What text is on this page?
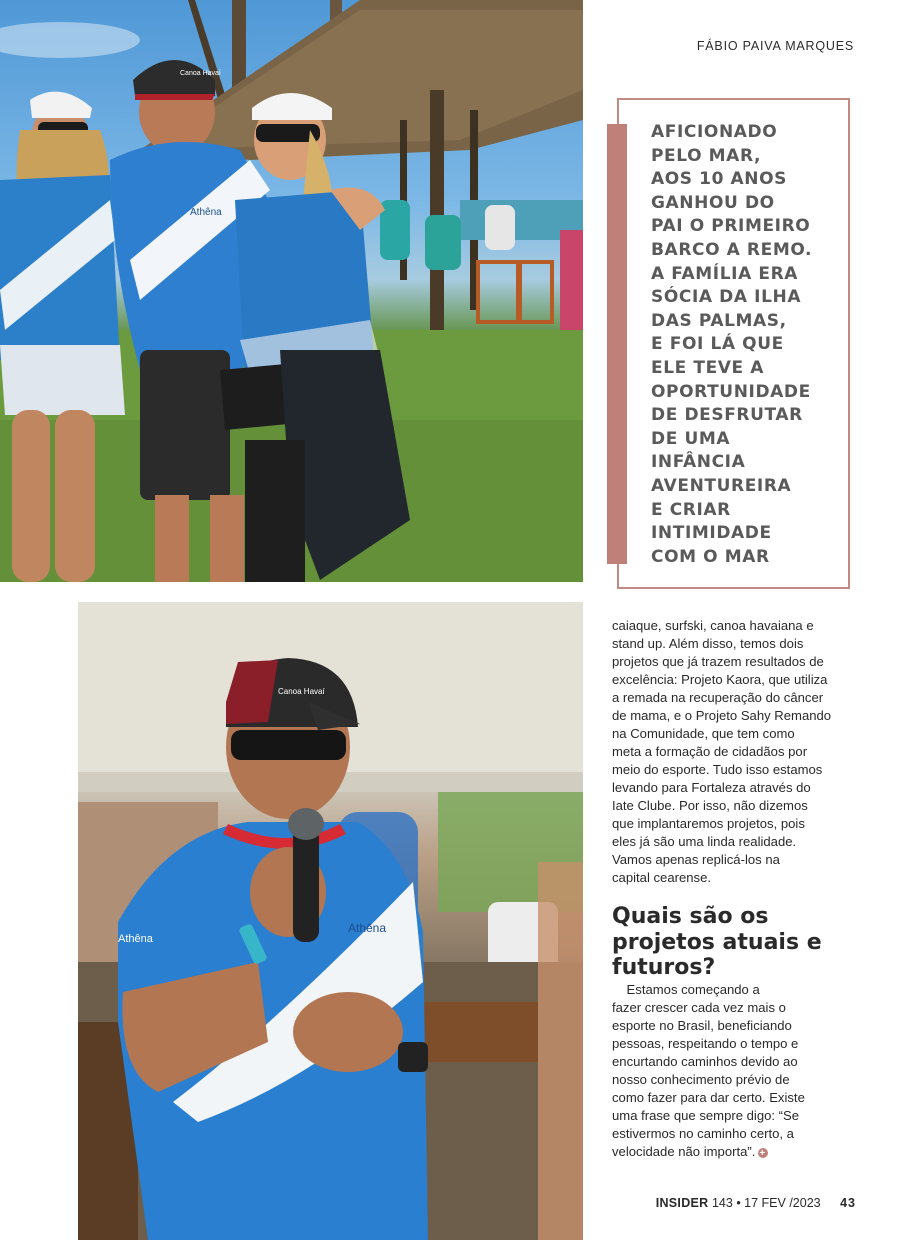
Canoa Havaí
Athêna
FÁBIO PAIVA MARQUES
AFICIONADO
PELO MAR,
AOS 10 ANOS
GANHOU DO
PAI O PRIMEIRO
BARCO A REMO.
A FAMÍLIA ERA
SÓCIA DA ILHA
DAS PALMAS,
E FOI LÁ QUE
ELE TEVE A
OPORTUNIDADE
DE DESFRUTAR
DE UMA
INFÂNCIA
AVENTUREIRA
E CRIAR
INTIMIDADE
COM O MAR
Canoa Havaí
Athêna
Athêna
caiaque, surfski, canoa havaiana e
stand up. Além disso, temos dois
projetos que já trazem resultados de
excelência: Projeto Kaora, que utiliza
a remada na recuperação do câncer
de mama, e o Projeto Sahy Remando
na Comunidade, que tem como
meta a formação de cidadãos por
meio do esporte. Tudo isso estamos
levando para Fortaleza através do
Iate Clube. Por isso, não dizemos
que implantaremos projetos, pois
eles já são uma linda realidade.
Vamos apenas replicá-los na
capital cearense.
Quais são os
projetos atuais e
futuros?
Estamos começando a
fazer crescer cada vez mais o
esporte no Brasil, beneficiando
pessoas, respeitando o tempo e
encurtando caminhos devido ao
nosso conhecimento prévio de
como fazer para dar certo. Existe
uma frase que sempre digo: “Se
estivermos no caminho certo, a
velocidade não importa”.+
INSIDER 143 • 17 FEV /2023 43
